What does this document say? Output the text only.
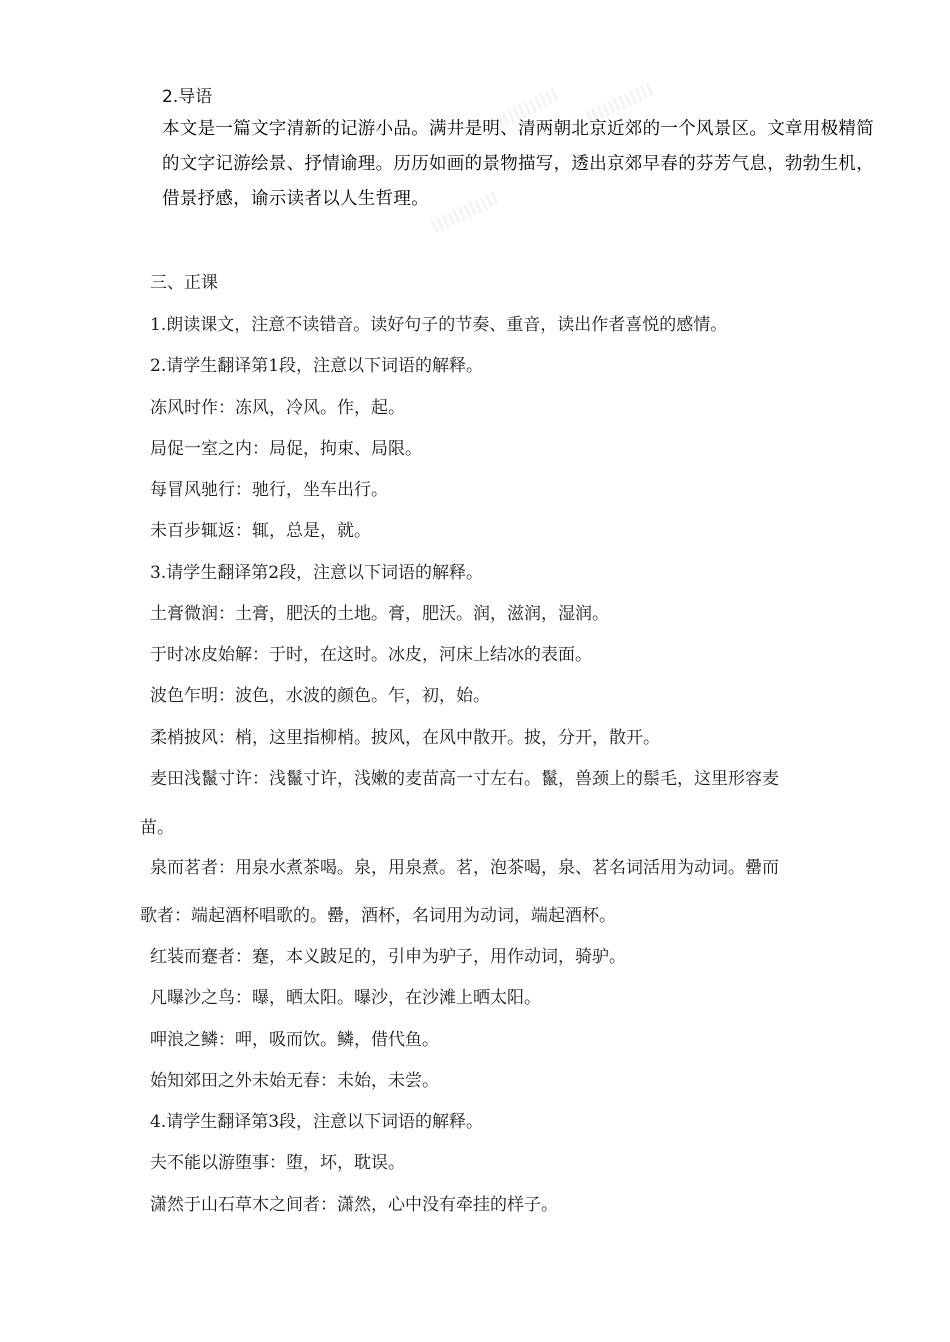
2.导语
本文是一篇文字清新的记游小品。满井是明、清两朝北京近郊的一个风景区。文章用极精简的文字记游绘景、抒情谕理。历历如画的景物描写，透出京郊早春的芬芳气息，勃勃生机，借景抒感，谕示读者以人生哲理。
三、正课
1.朗读课文，注意不读错音。读好句子的节奏、重音，读出作者喜悦的感情。
2.请学生翻译第1段，注意以下词语的解释。
冻风时作：冻风，冷风。作，起。
局促一室之内：局促，拘束、局限。
每冒风驰行：驰行，坐车出行。
未百步辄返：辄，总是，就。
3.请学生翻译第2段，注意以下词语的解释。
土膏微润：土膏，肥沃的土地。膏，肥沃。润，滋润，湿润。
于时冰皮始解：于时，在这时。冰皮，河床上结冰的表面。
波色乍明：波色，水波的颜色。乍，初，始。
柔梢披风：梢，这里指柳梢。披风，在风中散开。披，分开，散开。
麦田浅鬣寸许：浅鬣寸许，浅嫩的麦苗高一寸左右。鬣，兽颈上的鬃毛，这里形容麦
苗。
泉而茗者：用泉水煮茶喝。泉，用泉煮。茗，泡茶喝，泉、茗名词活用为动词。罍而
歌者：端起酒杯唱歌的。罍，酒杯，名词用为动词，端起酒杯。
红装而蹇者：蹇，本义跛足的，引申为驴子，用作动词，骑驴。
凡曝沙之鸟：曝，晒太阳。曝沙，在沙滩上晒太阳。
呷浪之鳞：呷，吸而饮。鳞，借代鱼。
始知郊田之外未始无春：未始，未尝。
4.请学生翻译第3段，注意以下词语的解释。
夫不能以游堕事：堕，坏，耽误。
潇然于山石草木之间者：潇然，心中没有牵挂的样子。
